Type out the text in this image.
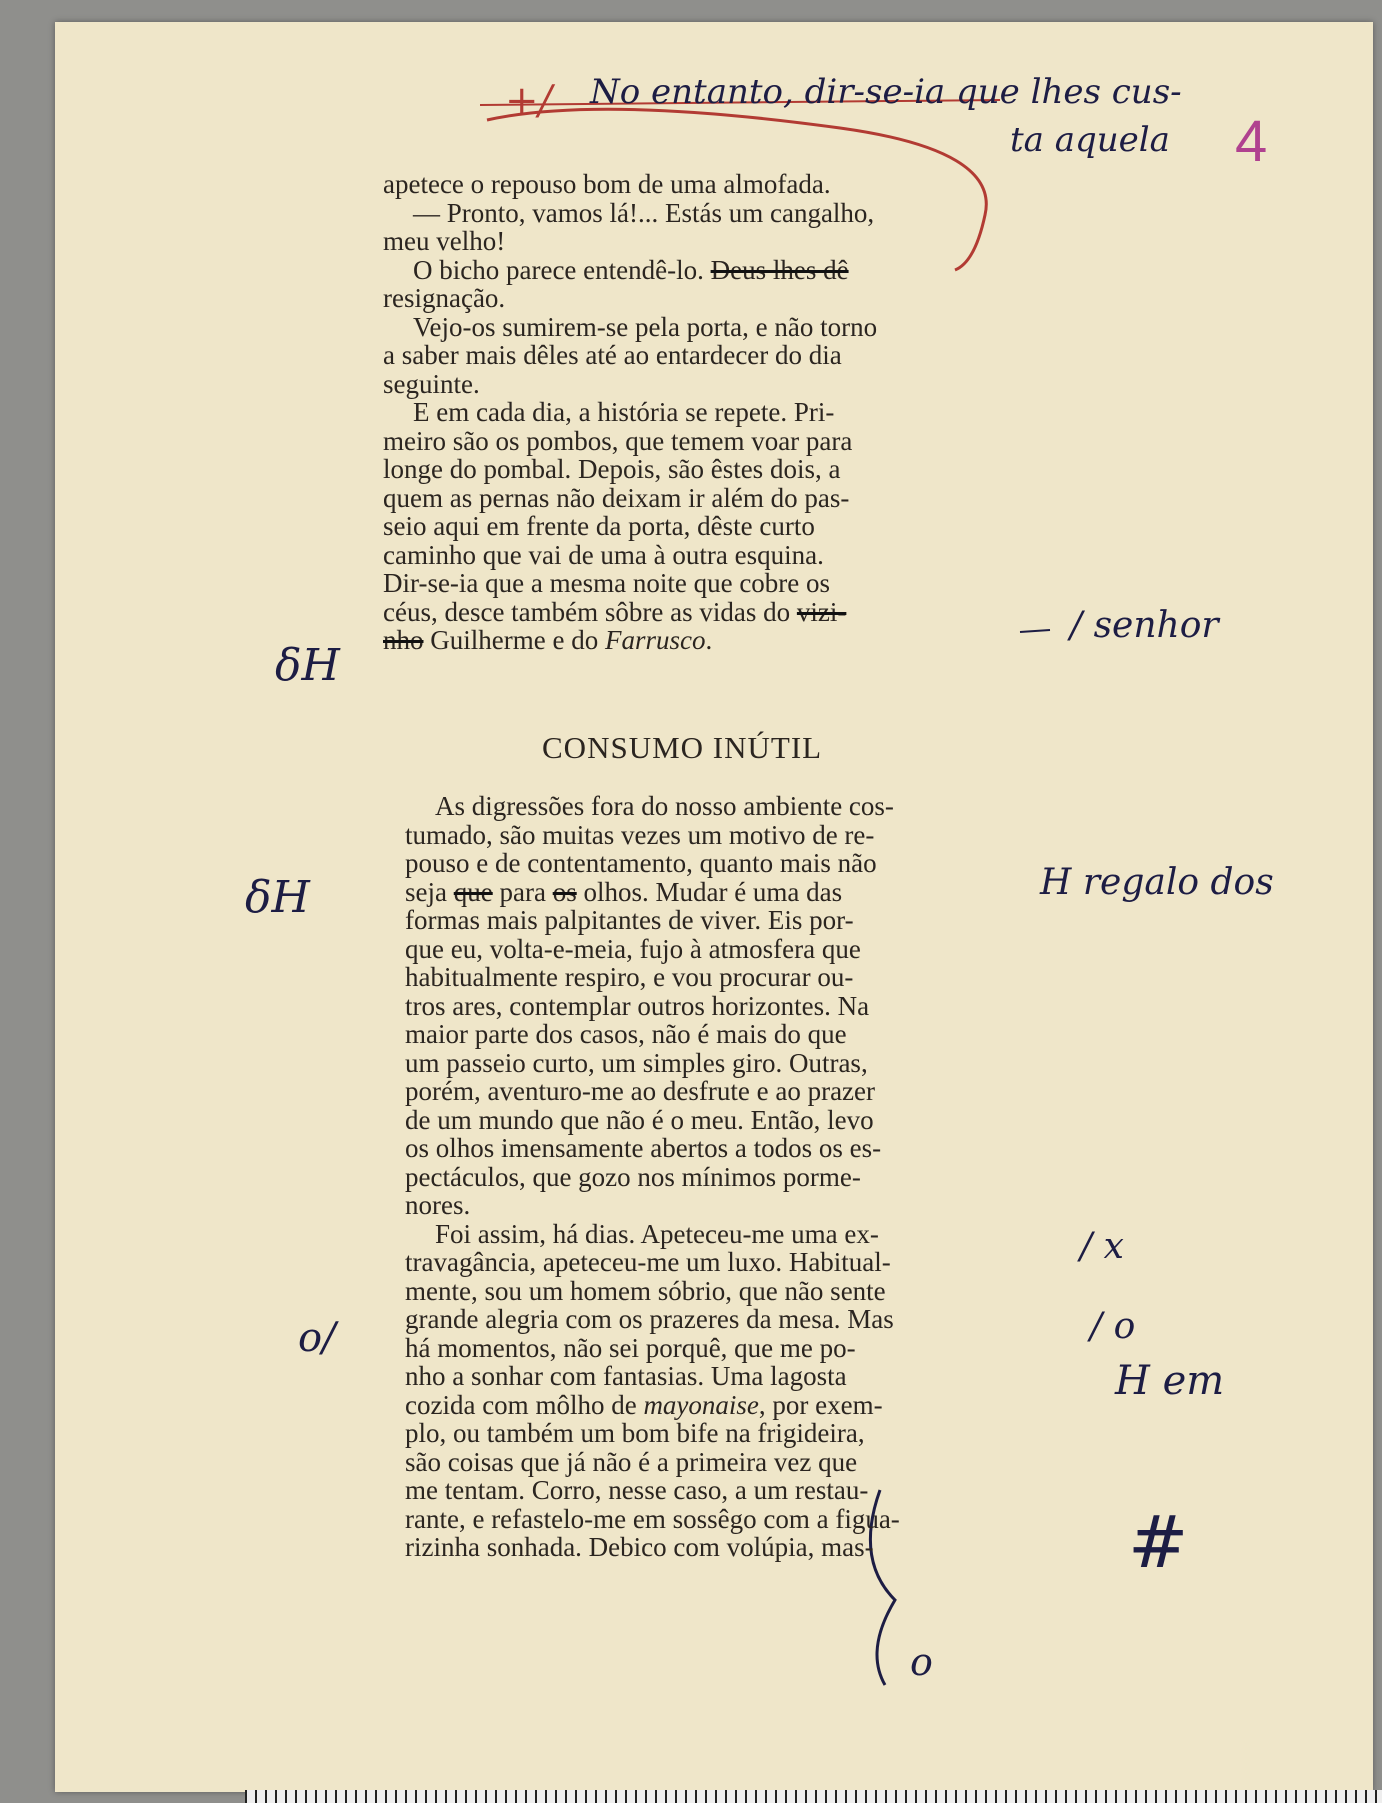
+/ No entanto, dir-se-ia que lhes cus-
ta aquela 4

apetece o repouso bom de uma almofada.

— Pronto, vamos lá!... Estás um cangalho,
meu velho!

O bicho parece entendê-lo. Deus lhes dê
resignação.

Vejo-os sumirem-se pela porta, e não torno
a saber mais dêles até ao entardecer do dia
seguinte.

E em cada dia, a história se repete. Pri-
meiro são os pombos, que temem voar para
longe do pombal. Depois, são êstes dois, a
quem as pernas não deixam ir além do pas-
seio aqui em frente da porta, dêste curto
caminho que vai de uma à outra esquina.
Dir-se-ia que a mesma noite que cobre os
céus, desce também sôbre as vidas do vizi-
nho Guilherme e do Farrusco.

CONSUMO INÚTIL

As digressões fora do nosso ambiente cos-
tumado, são muitas vezes um motivo de re-
pouso e de contentamento, quanto mais não
seja que para os olhos. Mudar é uma das
formas mais palpitantes de viver. Eis por-
que eu, volta-e-meia, fujo à atmosfera que
habitualmente respiro, e vou procurar ou-
tros ares, contemplar outros horizontes. Na
maior parte dos casos, não é mais do que
um passeio curto, um simples giro. Outras,
porém, aventuro-me ao desfrute e ao prazer
de um mundo que não é o meu. Então, levo
os olhos imensamente abertos a todos os es-
pectáculos, que gozo nos mínimos porme-
nores.

Foi assim, há dias. Apeteceu-me uma ex-
travagância, apeteceu-me um luxo. Habitual-
mente, sou um homem sóbrio, que não sente
grande alegria com os prazeres da mesa. Mas
há momentos, não sei porquê, que me po-
nho a sonhar com fantasias. Uma lagosta
cozida com môlho de mayonaise, por exem-
plo, ou também um bom bife na frigideira,
são coisas que já não é a primeira vez que
me tentam. Corro, nesse caso, a um restau-
rante, e refastelo-me em sossêgo com a figua-
rizinha sonhada. Debico com volúpia, mas-

δH
δH
o/
/ senhor
H regalo dos
/ x
/ o
H em
#
o
